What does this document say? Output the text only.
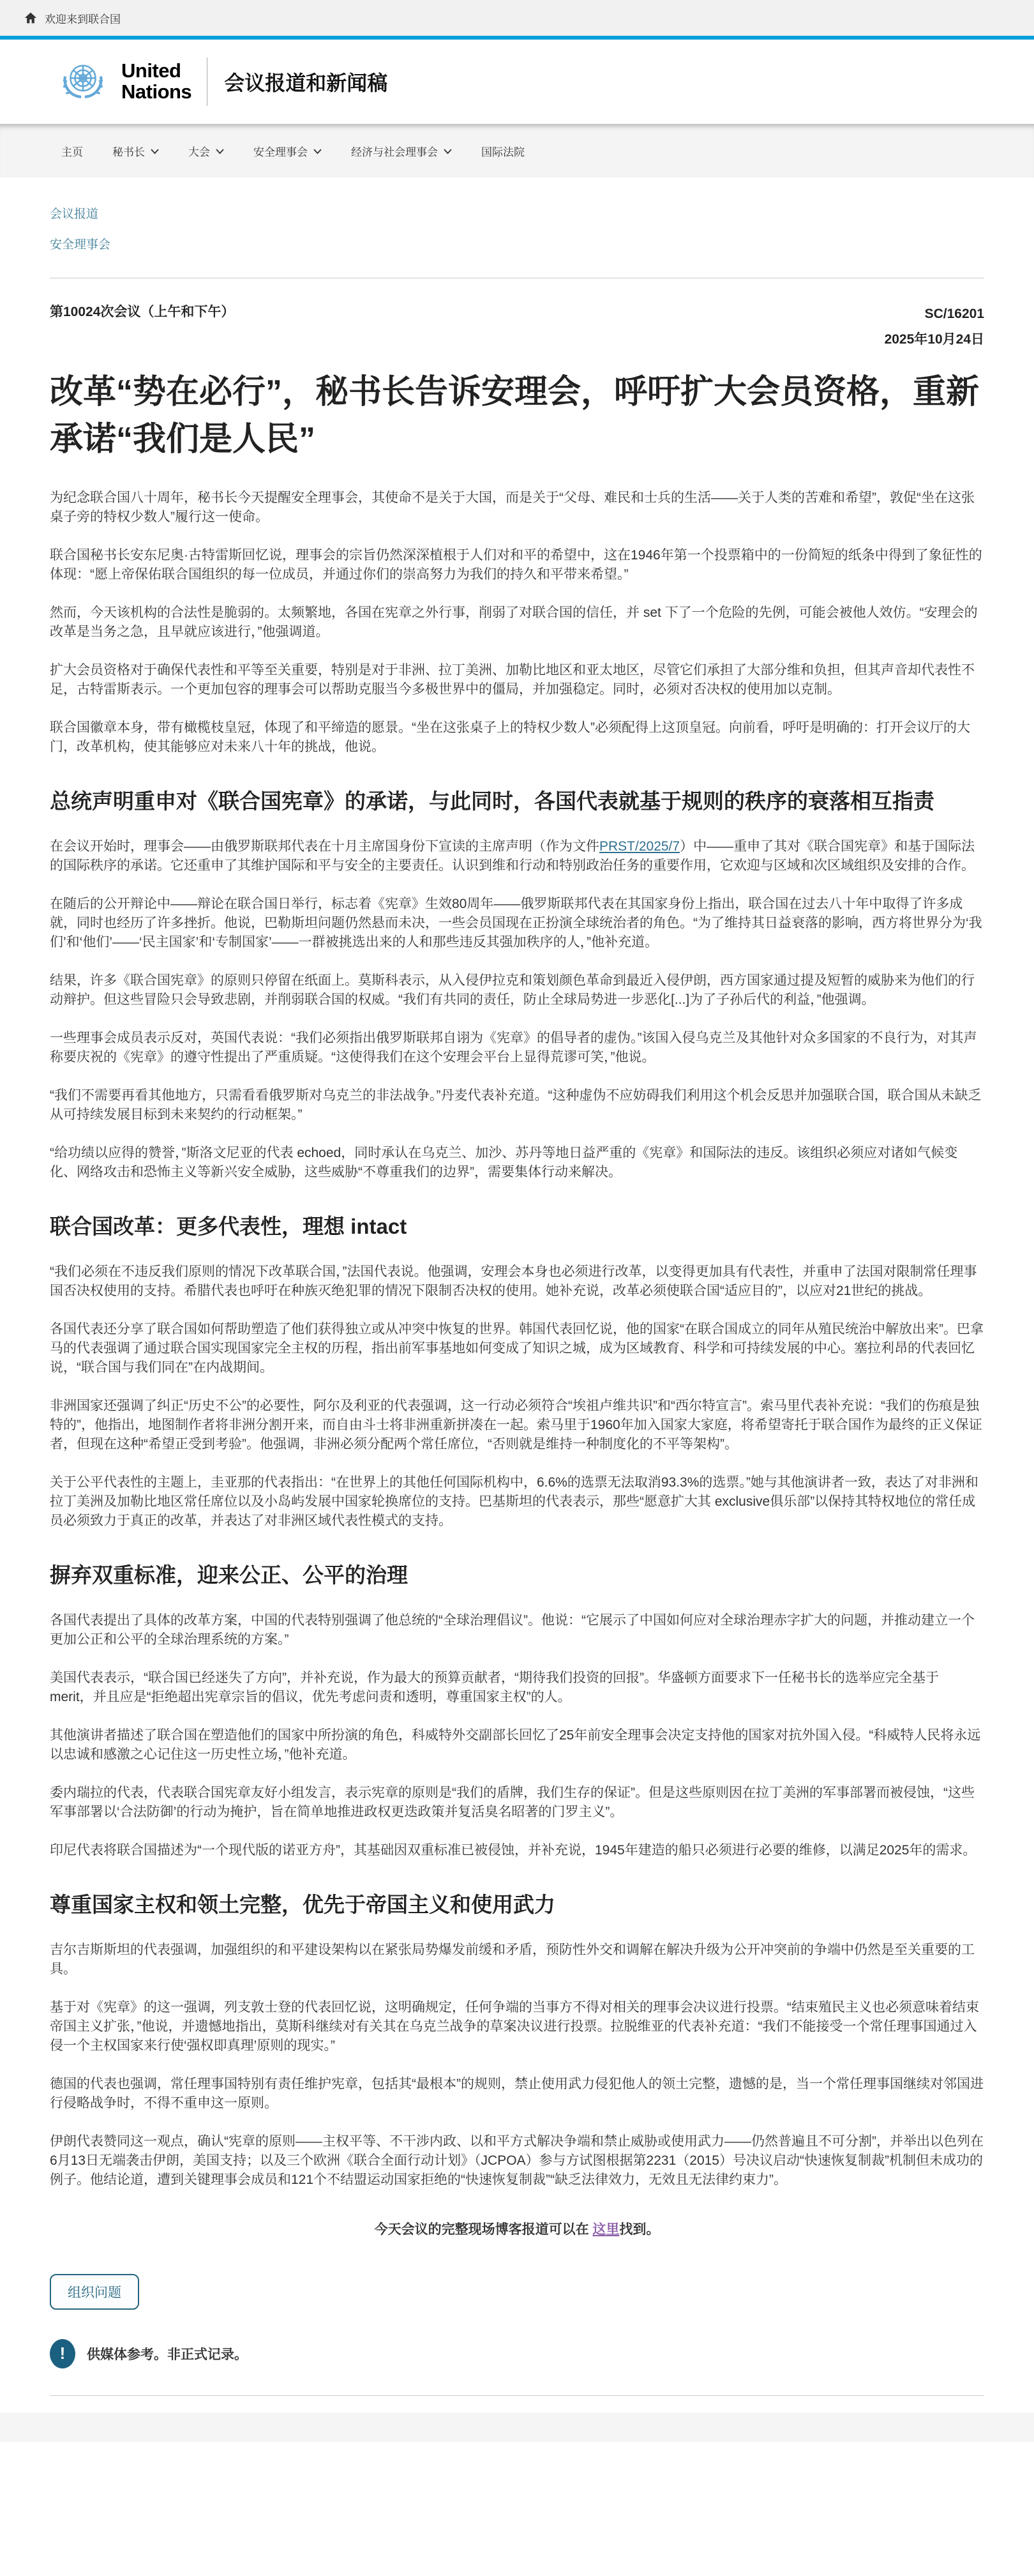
欢迎来到联合国
United
Nations 会议报道和新闻稿
主页	秘书长	大会	安全理事会	经济与社会理事会	国际法院
会议报道
安全理事会
第10024次会议（上午和下午）	SC/16201
2025年10月24日
改革“势在必行”，秘书长告诉安理会，呼吁扩大会员资格，重新承诺“我们是人民”

为纪念联合国八十周年，秘书长今天提醒安全理事会，其使命不是关于大国，而是关于“父母、难民和士兵的生活——关于人类的苦难和希望”，敦促“坐在这张桌子旁的特权少数人”履行这一使命。

联合国秘书长安东尼奥·古特雷斯回忆说，理事会的宗旨仍然深深植根于人们对和平的希望中，这在1946年第一个投票箱中的一份简短的纸条中得到了象征性的体现：“愿上帝保佑联合国组织的每一位成员，并通过你们的崇高努力为我们的持久和平带来希望。”

然而，今天该机构的合法性是脆弱的。太频繁地，各国在宪章之外行事，削弱了对联合国的信任，并 set 下了一个危险的先例，可能会被他人效仿。“安理会的改革是当务之急，且早就应该进行，”他强调道。

扩大会员资格对于确保代表性和平等至关重要，特别是对于非洲、拉丁美洲、加勒比地区和亚太地区，尽管它们承担了大部分维和负担，但其声音却代表性不足，古特雷斯表示。一个更加包容的理事会可以帮助克服当今多极世界中的僵局，并加强稳定。同时，必须对否决权的使用加以克制。

联合国徽章本身，带有橄榄枝皇冠，体现了和平缔造的愿景。“坐在这张桌子上的特权少数人”必须配得上这顶皇冠。向前看，呼吁是明确的：打开会议厅的大门，改革机构，使其能够应对未来八十年的挑战，他说。

总统声明重申对《联合国宪章》的承诺，与此同时，各国代表就基于规则的秩序的衰落相互指责

在会议开始时，理事会——由俄罗斯联邦代表在十月主席国身份下宣读的主席声明（作为文件PRST/2025/7）中——重申了其对《联合国宪章》和基于国际法的国际秩序的承诺。它还重申了其维护国际和平与安全的主要责任。认识到维和行动和特别政治任务的重要作用，它欢迎与区域和次区域组织及安排的合作。

在随后的公开辩论中——辩论在联合国日举行，标志着《宪章》生效80周年——俄罗斯联邦代表在其国家身份上指出，联合国在过去八十年中取得了许多成就，同时也经历了许多挫折。他说，巴勒斯坦问题仍然悬而未决，一些会员国现在正扮演全球统治者的角色。“为了维持其日益衰落的影响，西方将世界分为‘我们’和‘他们’——‘民主国家’和‘专制国家’——一群被挑选出来的人和那些违反其强加秩序的人，”他补充道。

结果，许多《联合国宪章》的原则只停留在纸面上。莫斯科表示，从入侵伊拉克和策划颜色革命到最近入侵伊朗，西方国家通过提及短暂的威胁来为他们的行动辩护。但这些冒险只会导致悲剧，并削弱联合国的权威。“我们有共同的责任，防止全球局势进一步恶化[...]为了子孙后代的利益，”他强调。

一些理事会成员表示反对，英国代表说：“我们必须指出俄罗斯联邦自诩为《宪章》的倡导者的虚伪。”该国入侵乌克兰及其他针对众多国家的不良行为，对其声称要庆祝的《宪章》的遵守性提出了严重质疑。“这使得我们在这个安理会平台上显得荒谬可笑，”他说。

“我们不需要再看其他地方，只需看看俄罗斯对乌克兰的非法战争。”丹麦代表补充道。“这种虚伪不应妨碍我们利用这个机会反思并加强联合国，联合国从未缺乏从可持续发展目标到未来契约的行动框架。”

“给功绩以应得的赞誉，”斯洛文尼亚的代表 echoed，同时承认在乌克兰、加沙、苏丹等地日益严重的《宪章》和国际法的违反。该组织必须应对诸如气候变化、网络攻击和恐怖主义等新兴安全威胁，这些威胁“不尊重我们的边界”，需要集体行动来解决。

联合国改革：更多代表性，理想 intact

“我们必须在不违反我们原则的情况下改革联合国，”法国代表说。他强调，安理会本身也必须进行改革，以变得更加具有代表性，并重申了法国对限制常任理事国否决权使用的支持。希腊代表也呼吁在种族灭绝犯罪的情况下限制否决权的使用。她补充说，改革必须使联合国“适应目的”，以应对21世纪的挑战。

各国代表还分享了联合国如何帮助塑造了他们获得独立或从冲突中恢复的世界。韩国代表回忆说，他的国家“在联合国成立的同年从殖民统治中解放出来”。巴拿马的代表强调了通过联合国实现国家完全主权的历程，指出前军事基地如何变成了知识之城，成为区域教育、科学和可持续发展的中心。塞拉利昂的代表回忆说，“联合国与我们同在”在内战期间。

非洲国家还强调了纠正“历史不公”的必要性，阿尔及利亚的代表强调，这一行动必须符合“埃祖卢维共识”和“西尔特宣言”。索马里代表补充说：“我们的伤痕是独特的”，他指出，地图制作者将非洲分割开来，而自由斗士将非洲重新拼凑在一起。索马里于1960年加入国家大家庭，将希望寄托于联合国作为最终的正义保证者，但现在这种“希望正受到考验”。他强调，非洲必须分配两个常任席位，“否则就是维持一种制度化的不平等架构”。

关于公平代表性的主题上，圭亚那的代表指出：“在世界上的其他任何国际机构中，6.6%的选票无法取消93.3%的选票。”她与其他演讲者一致，表达了对非洲和拉丁美洲及加勒比地区常任席位以及小岛屿发展中国家轮换席位的支持。巴基斯坦的代表表示，那些“愿意扩大其 exclusive俱乐部”以保持其特权地位的常任成员必须致力于真正的改革，并表达了对非洲区域代表性模式的支持。

摒弃双重标准，迎来公正、公平的治理

各国代表提出了具体的改革方案，中国的代表特别强调了他总统的“全球治理倡议”。他说：“它展示了中国如何应对全球治理赤字扩大的问题，并推动建立一个更加公正和公平的全球治理系统的方案。”

美国代表表示，“联合国已经迷失了方向”，并补充说，作为最大的预算贡献者，“期待我们投资的回报”。华盛顿方面要求下一任秘书长的选举应完全基于 merit，并且应是“拒绝超出宪章宗旨的倡议，优先考虑问责和透明，尊重国家主权”的人。

其他演讲者描述了联合国在塑造他们的国家中所扮演的角色，科威特外交副部长回忆了25年前安全理事会决定支持他的国家对抗外国入侵。“科威特人民将永远以忠诚和感激之心记住这一历史性立场，”他补充道。

委内瑞拉的代表，代表联合国宪章友好小组发言，表示宪章的原则是“我们的盾牌，我们生存的保证”。但是这些原则因在拉丁美洲的军事部署而被侵蚀，“这些军事部署以‘合法防御’的行动为掩护，旨在简单地推进政权更迭政策并复活臭名昭著的门罗主义”。

印尼代表将联合国描述为“一个现代版的诺亚方舟”，其基础因双重标准已被侵蚀，并补充说，1945年建造的船只必须进行必要的维修，以满足2025年的需求。

尊重国家主权和领土完整，优先于帝国主义和使用武力

吉尔吉斯斯坦的代表强调，加强组织的和平建设架构以在紧张局势爆发前缓和矛盾，预防性外交和调解在解决升级为公开冲突前的争端中仍然是至关重要的工具。

基于对《宪章》的这一强调，列支敦士登的代表回忆说，这明确规定，任何争端的当事方不得对相关的理事会决议进行投票。“结束殖民主义也必须意味着结束帝国主义扩张，”他说，并遗憾地指出，莫斯科继续对有关其在乌克兰战争的草案决议进行投票。拉脱维亚的代表补充道：“我们不能接受一个常任理事国通过入侵一个主权国家来行使‘强权即真理’原则的现实。”

德国的代表也强调，常任理事国特别有责任维护宪章，包括其“最根本”的规则，禁止使用武力侵犯他人的领土完整，遗憾的是，当一个常任理事国继续对邻国进行侵略战争时，不得不重申这一原则。

伊朗代表赞同这一观点，确认“宪章的原则——主权平等、不干涉内政、以和平方式解决争端和禁止威胁或使用武力——仍然普遍且不可分割”，并举出以色列在6月13日无端袭击伊朗，美国支持；以及三个欧洲《联合全面行动计划》（JCPOA）参与方试图根据第2231（2015）号决议启动“快速恢复制裁”机制但未成功的例子。他结论道，遭到关键理事会成员和121个不结盟运动国家拒绝的“快速恢复制裁”“缺乏法律效力，无效且无法律约束力”。

今天会议的完整现场博客报道可以在 这里找到。

组织问题
!	供媒体参考。非正式记录。
